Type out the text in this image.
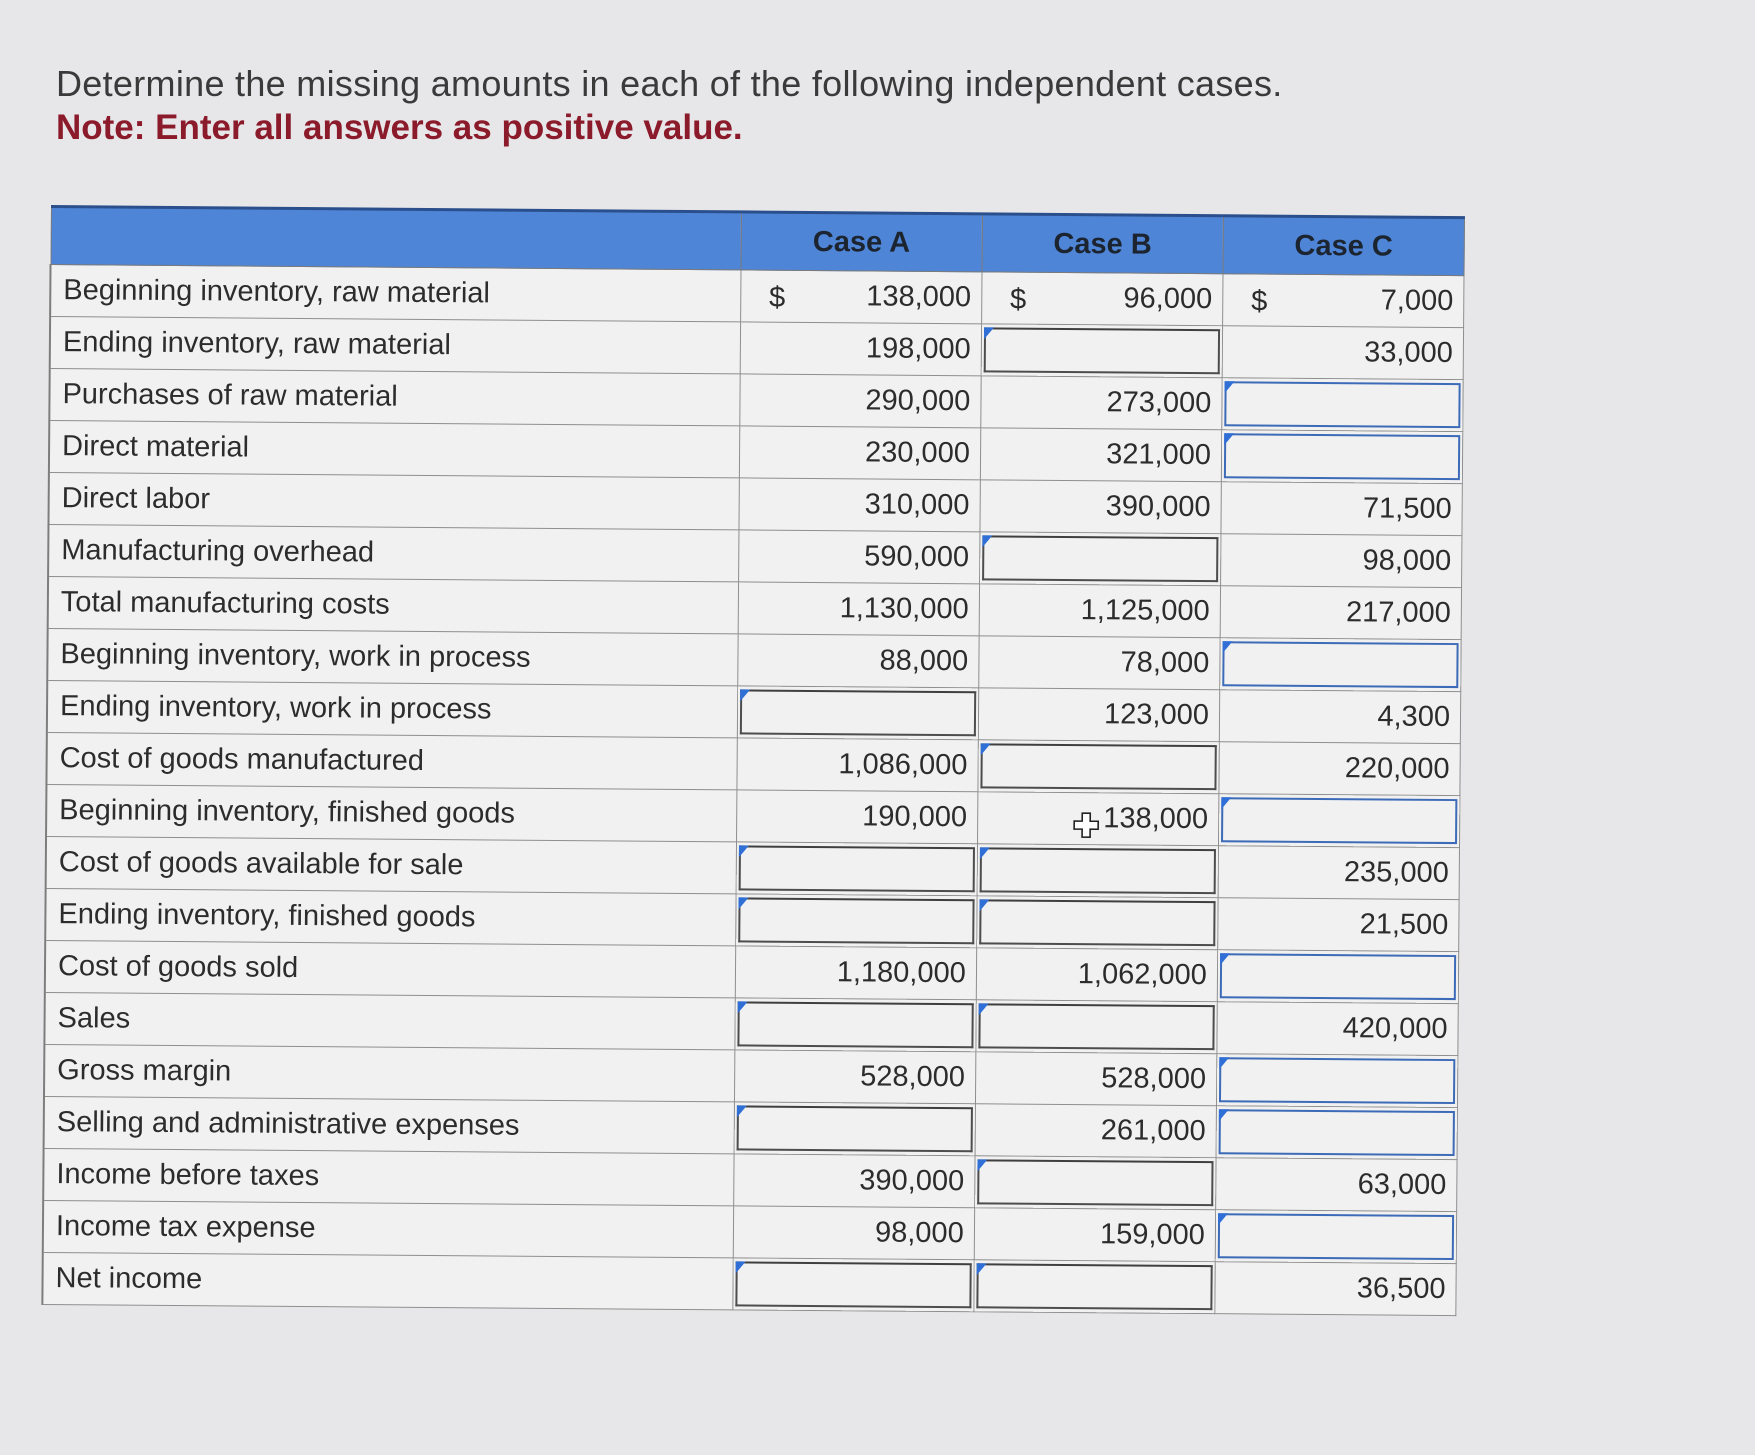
Determine the missing amounts in each of the following independent cases.

Note: Enter all answers as positive value.

	Case A	Case B	Case C
Beginning inventory, raw material	$ 138,000	$ 96,000	$ 7,000
Ending inventory, raw material	198,000		33,000
Purchases of raw material	290,000	273,000	

Direct material	230,000	321,000	

Direct labor	310,000	390,000	71,500
Manufacturing overhead	590,000		98,000
Total manufacturing costs	1,130,000	1,125,000	217,000
Beginning inventory, work in process	88,000	78,000	

Ending inventory, work in process		123,000	4,300
Cost of goods manufactured	1,086,000		220,000
Beginning inventory, finished goods	190,000	138,000

Cost of goods available for sale			235,000
Ending inventory, finished goods			21,500
Cost of goods sold	1,180,000	1,062,000	

Sales			420,000
Gross margin	528,000	528,000	

Selling and administrative expenses		261,000	

Income before taxes	390,000		63,000
Income tax expense	98,000	159,000	

Net income			36,500
